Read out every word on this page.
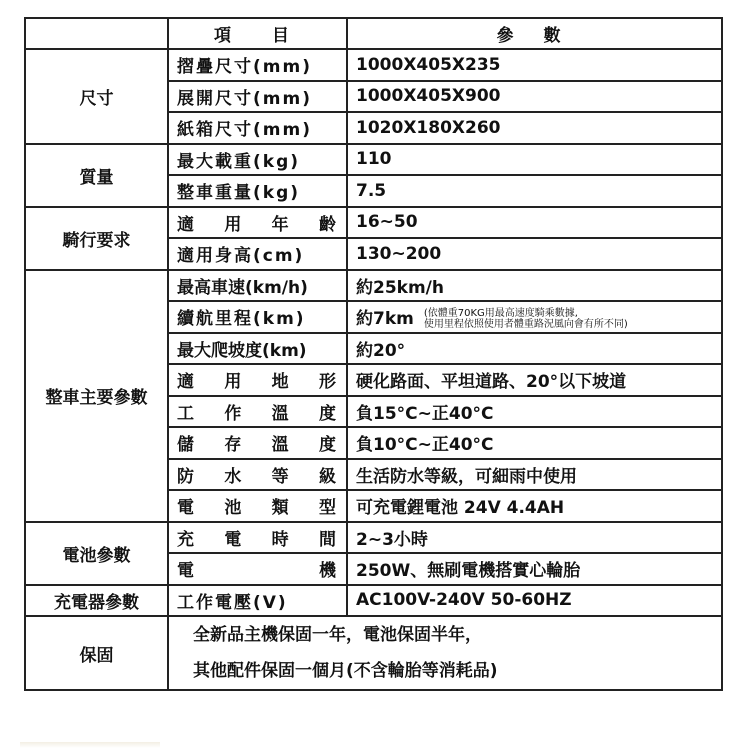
	項　目	參 數
尺寸	摺疊尺寸(mm)	1000X405X235
	展開尺寸(mm)	1000X405X900
	紙箱尺寸(mm)	1020X180X260
質量	最大載重(kg)	110
	整車重量(kg)	7.5
騎行要求	適 用 年 齡	16~50
	適用身高(cm)	130~200
整車主要參數	最高車速(km/h)	約25km/h
	續航里程(km)	約7km (依體重70KG用最高速度騎乘數據,
使用里程依照使用者體重路況風向會有所不同)
	最大爬坡度(km)	約20°

	適 用 地 形	硬化路面、平坦道路、20°以下坡道

	工 作 溫 度	負15°C~正40°C

	儲 存 溫 度	負10°C~正40°C

	防 水 等 級	生活防水等級，可細雨中使用

	電 池 類 型	可充電鋰電池 24V 4.4AH
電池參數	充 電 時 間	2~3小時

	電 機	250W、無刷電機搭實心輪胎
充電器參數	工作電壓(V)	AC100V-240V 50-60HZ
保固	全新品主機保固一年，電池保固半年，
其他配件保固一個月(不含輪胎等消耗品)	
